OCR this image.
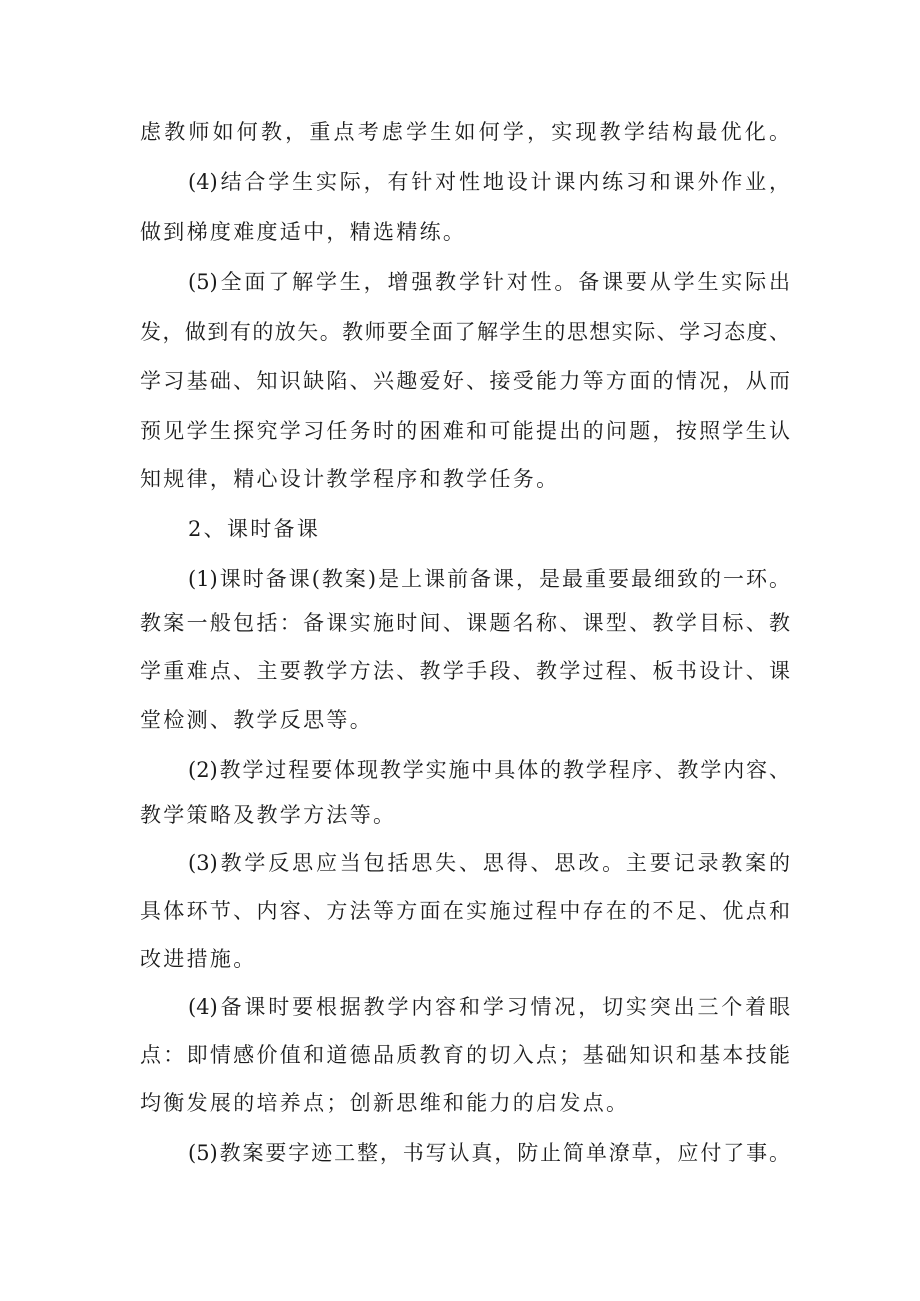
虑教师如何教，重点考虑学生如何学，实现教学结构最优化。
(4)结合学生实际，有针对性地设计课内练习和课外作业，
做到梯度难度适中，精选精练。
(5)全面了解学生，增强教学针对性。备课要从学生实际出
发，做到有的放矢。教师要全面了解学生的思想实际、学习态度、
学习基础、知识缺陷、兴趣爱好、接受能力等方面的情况，从而
预见学生探究学习任务时的困难和可能提出的问题，按照学生认
知规律，精心设计教学程序和教学任务。
2、课时备课
(1)课时备课(教案)是上课前备课，是最重要最细致的一环。
教案一般包括：备课实施时间、课题名称、课型、教学目标、教
学重难点、主要教学方法、教学手段、教学过程、板书设计、课
堂检测、教学反思等。
(2)教学过程要体现教学实施中具体的教学程序、教学内容、
教学策略及教学方法等。
(3)教学反思应当包括思失、思得、思改。主要记录教案的
具体环节、内容、方法等方面在实施过程中存在的不足、优点和
改进措施。
(4)备课时要根据教学内容和学习情况，切实突出三个着眼
点：即情感价值和道德品质教育的切入点；基础知识和基本技能
均衡发展的培养点；创新思维和能力的启发点。
(5)教案要字迹工整，书写认真，防止简单潦草，应付了事。
